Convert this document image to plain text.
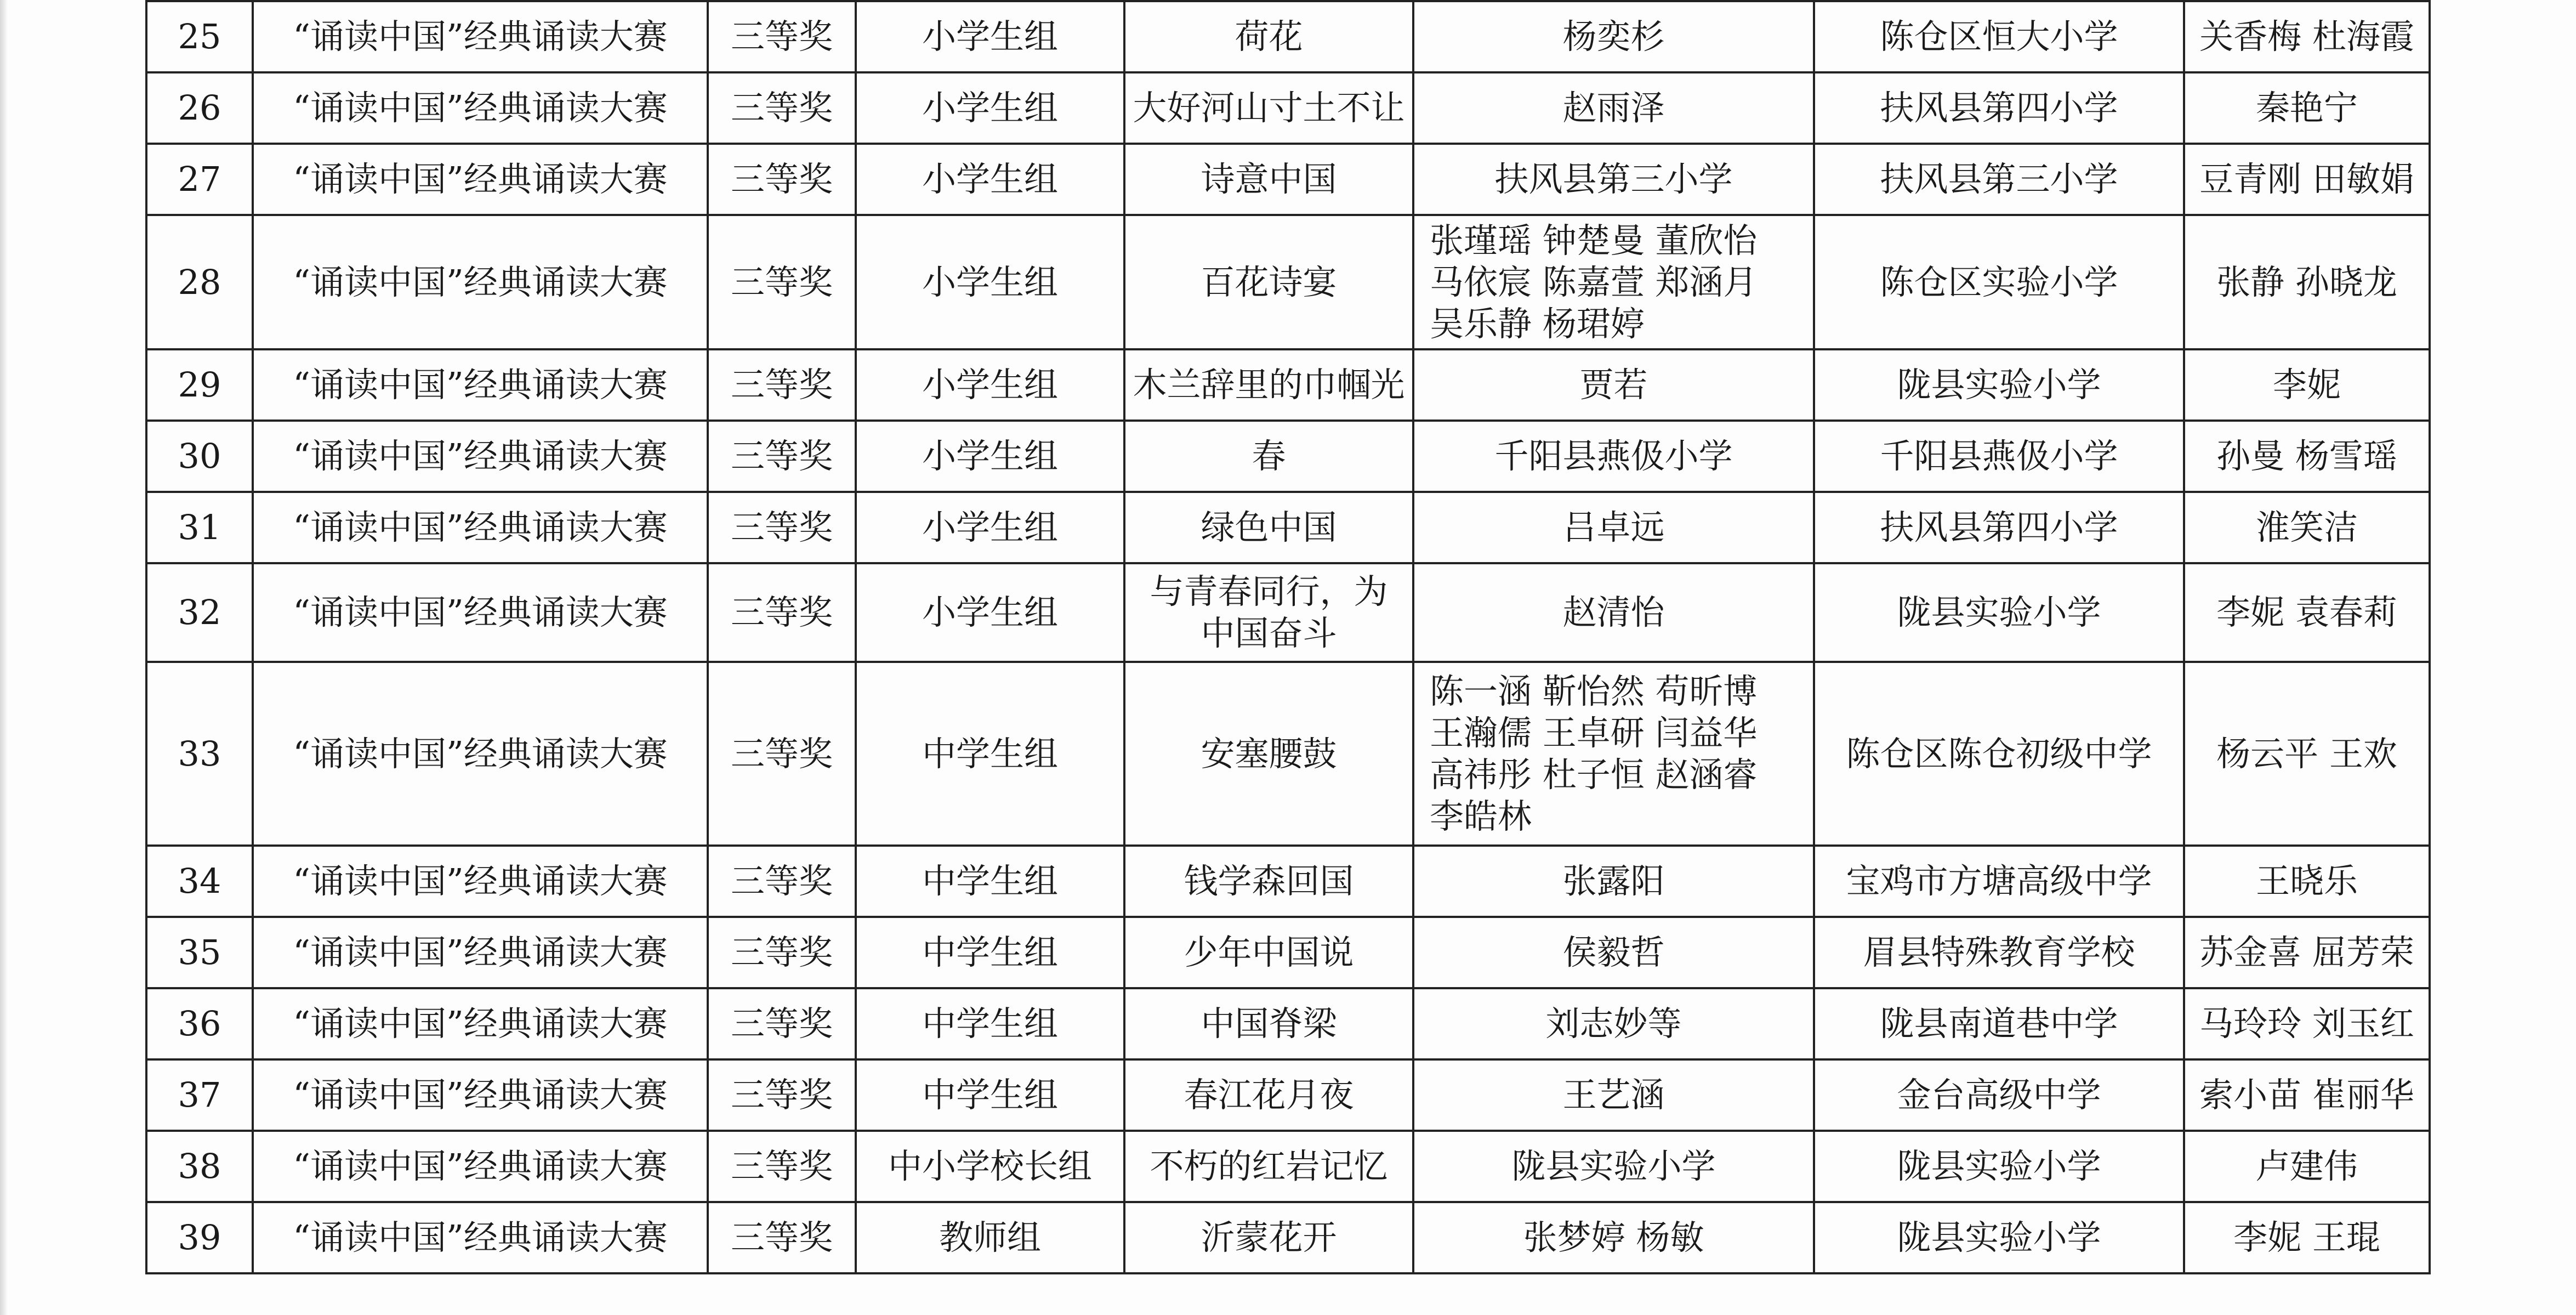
25	“诵读中国”经典诵读大赛	三等奖	小学生组	荷花	杨奕杉	陈仓区恒大小学	关香梅 杜海霞
26	“诵读中国”经典诵读大赛	三等奖	小学生组	大好河山寸土不让	赵雨泽	扶风县第四小学	秦艳宁
27	“诵读中国”经典诵读大赛	三等奖	小学生组	诗意中国	扶风县第三小学	扶风县第三小学	豆青刚 田敏娟
28	“诵读中国”经典诵读大赛	三等奖	小学生组	百花诗宴	张瑾瑶 钟楚曼 董欣怡
马依宸 陈嘉萱 郑涵月
吴乐静 杨珺婷	陈仓区实验小学	张静 孙晓龙
29	“诵读中国”经典诵读大赛	三等奖	小学生组	木兰辞里的巾帼光	贾若	陇县实验小学	李妮
30	“诵读中国”经典诵读大赛	三等奖	小学生组	春	千阳县燕伋小学	千阳县燕伋小学	孙曼 杨雪瑶
31	“诵读中国”经典诵读大赛	三等奖	小学生组	绿色中国	吕卓远	扶风县第四小学	淮笑洁
32	“诵读中国”经典诵读大赛	三等奖	小学生组	与青春同行，为
中国奋斗	赵清怡	陇县实验小学	李妮 袁春莉
33	“诵读中国”经典诵读大赛	三等奖	中学生组	安塞腰鼓	陈一涵 靳怡然 苟昕博
王瀚儒 王卓研 闫益华
高祎彤 杜子恒 赵涵睿
李皓林	陈仓区陈仓初级中学	杨云平 王欢
34	“诵读中国”经典诵读大赛	三等奖	中学生组	钱学森回国	张露阳	宝鸡市方塘高级中学	王晓乐
35	“诵读中国”经典诵读大赛	三等奖	中学生组	少年中国说	侯毅哲	眉县特殊教育学校	苏金喜 屈芳荣
36	“诵读中国”经典诵读大赛	三等奖	中学生组	中国脊梁	刘志妙等	陇县南道巷中学	马玲玲 刘玉红
37	“诵读中国”经典诵读大赛	三等奖	中学生组	春江花月夜	王艺涵	金台高级中学	索小苗 崔丽华
38	“诵读中国”经典诵读大赛	三等奖	中小学校长组	不朽的红岩记忆	陇县实验小学	陇县实验小学	卢建伟
39	“诵读中国”经典诵读大赛	三等奖	教师组	沂蒙花开	张梦婷 杨敏	陇县实验小学	李妮 王琨
